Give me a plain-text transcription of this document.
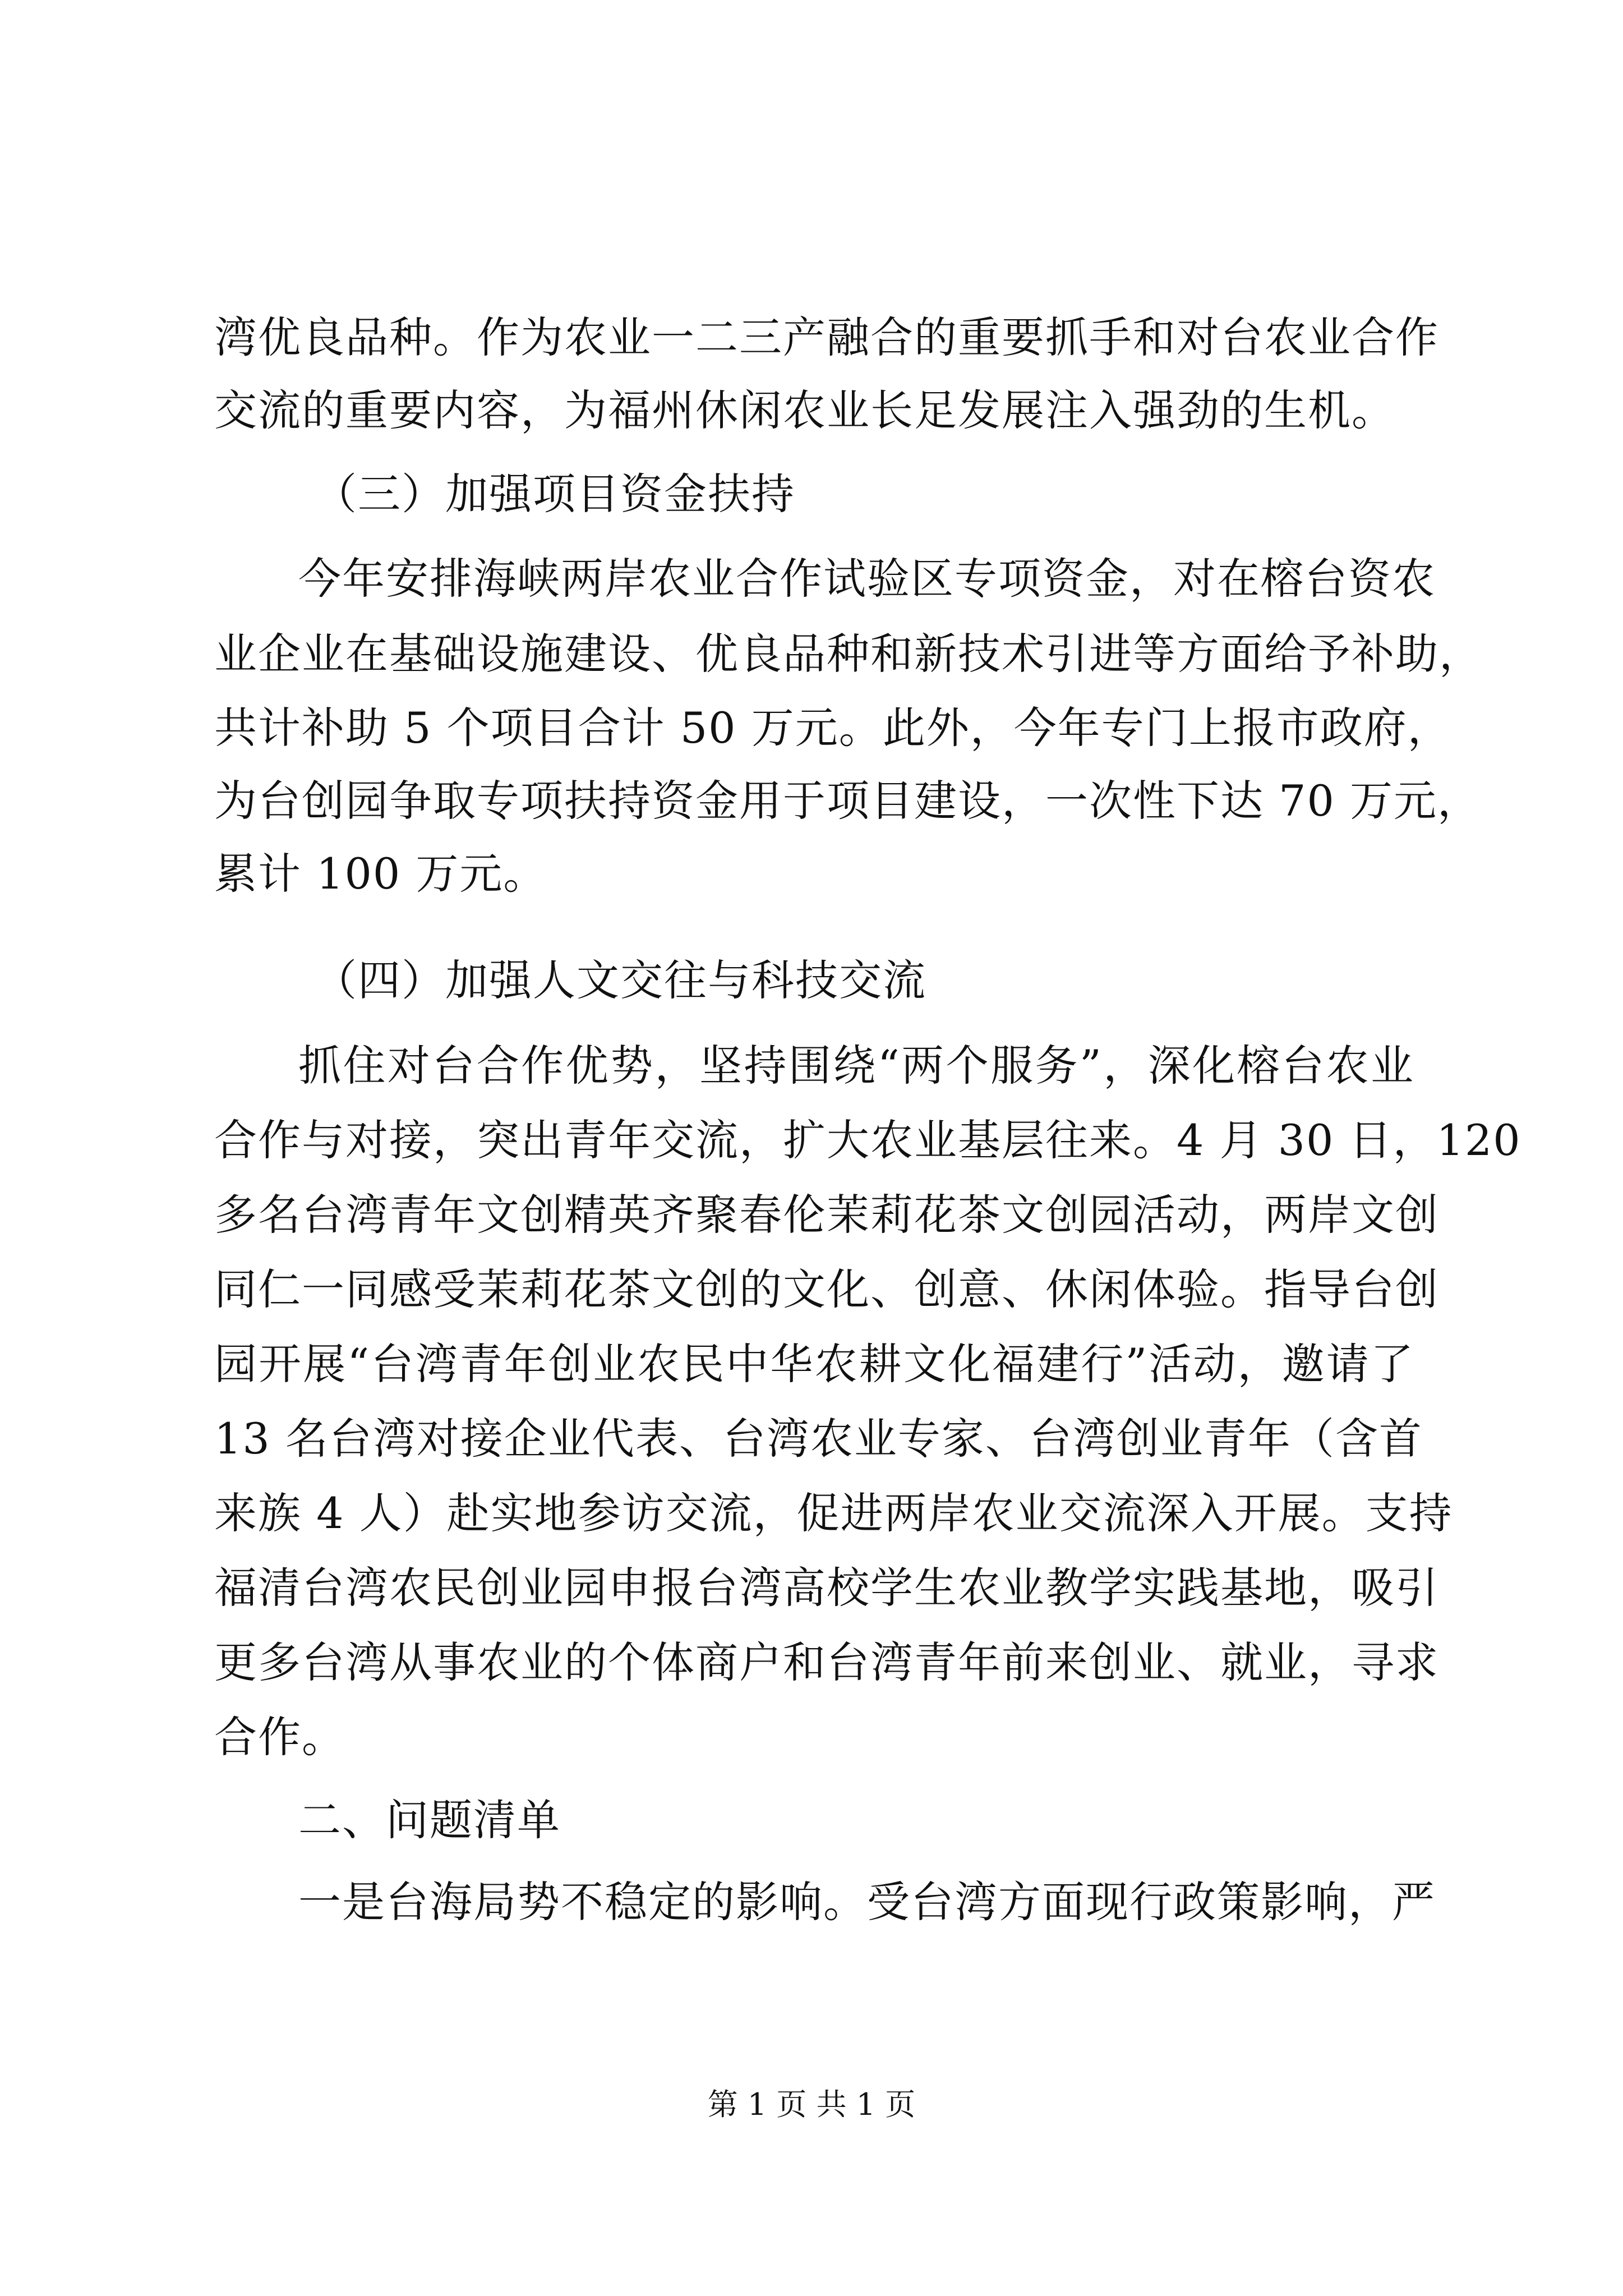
湾优良品种。作为农业一二三产融合的重要抓手和对台农业合作
交流的重要内容，为福州休闲农业长足发展注入强劲的生机。
（三）加强项目资金扶持
今年安排海峡两岸农业合作试验区专项资金，对在榕台资农
业企业在基础设施建设、优良品种和新技术引进等方面给予补助，
共计补助 5 个项目合计 50 万元。此外，今年专门上报市政府，
为台创园争取专项扶持资金用于项目建设，一次性下达 70 万元，
累计 100 万元。
（四）加强人文交往与科技交流
抓住对台合作优势，坚持围绕“两个服务”，深化榕台农业
合作与对接，突出青年交流，扩大农业基层往来。4 月 30 日，120
多名台湾青年文创精英齐聚春伦茉莉花茶文创园活动，两岸文创
同仁一同感受茉莉花茶文创的文化、创意、休闲体验。指导台创
园开展“台湾青年创业农民中华农耕文化福建行”活动，邀请了
13 名台湾对接企业代表、台湾农业专家、台湾创业青年（含首
来族 4 人）赴实地参访交流，促进两岸农业交流深入开展。支持
福清台湾农民创业园申报台湾高校学生农业教学实践基地，吸引
更多台湾从事农业的个体商户和台湾青年前来创业、就业，寻求
合作。
二、问题清单
一是台海局势不稳定的影响。受台湾方面现行政策影响，严
第 1 页 共 1 页
